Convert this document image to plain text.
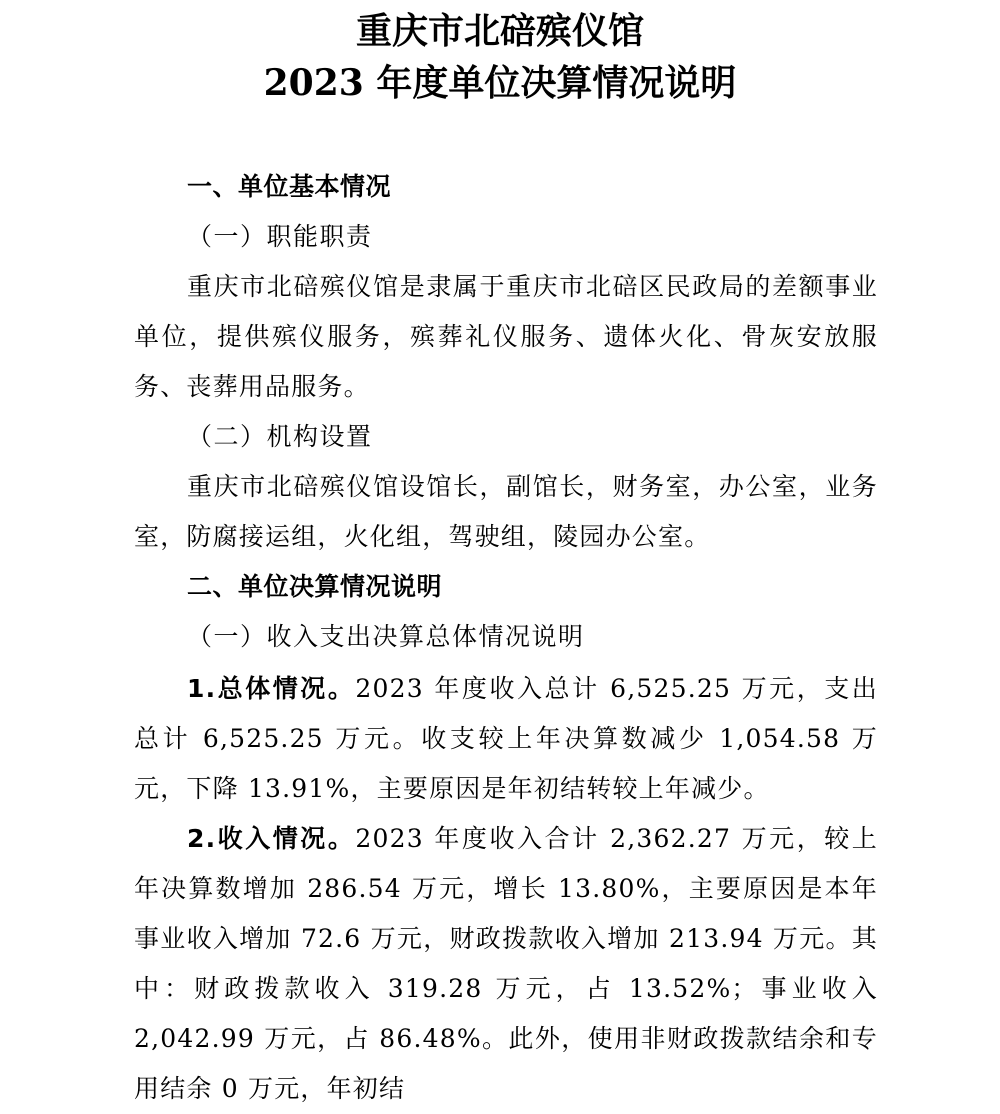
重庆市北碚殡仪馆
2023 年度单位决算情况说明
一、单位基本情况
（一）职能职责

重庆市北碚殡仪馆是隶属于重庆市北碚区民政局的差额事业单位，提供殡仪服务，殡葬礼仪服务、遗体火化、骨灰安放服务、丧葬用品服务。

（二）机构设置

重庆市北碚殡仪馆设馆长，副馆长，财务室，办公室，业务室，防腐接运组，火化组，驾驶组，陵园办公室。

二、单位决算情况说明
（一）收入支出决算总体情况说明

1.总体情况。2023 年度收入总计 6,525.25 万元，支出总计 6,525.25 万元。收支较上年决算数减少 1,054.58 万元，下降 13.91%，主要原因是年初结转较上年减少。

2.收入情况。2023 年度收入合计 2,362.27 万元，较上年决算数增加 286.54 万元，增长 13.80%，主要原因是本年事业收入增加 72.6 万元，财政拨款收入增加 213.94 万元。其中：财政拨款收入 319.28 万元，占 13.52%；事业收入 2,042.99 万元，占 86.48%。此外，使用非财政拨款结余和专用结余 0 万元，年初结
